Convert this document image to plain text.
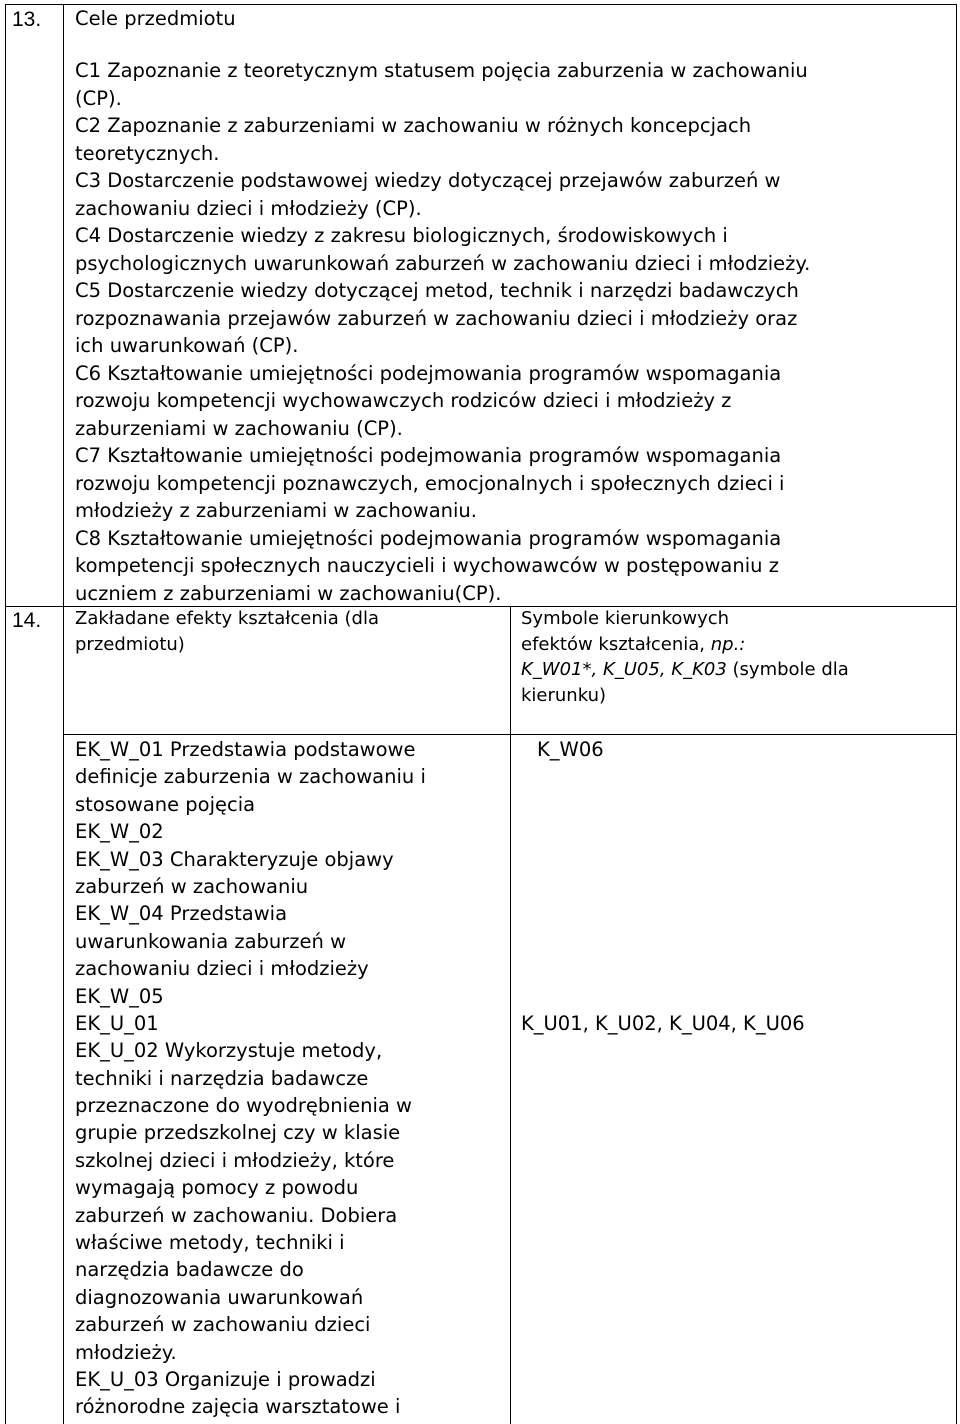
13. Cele przedmiotu
C1 Zapoznanie z teoretycznym statusem pojęcia zaburzenia w zachowaniu
(CP).
C2 Zapoznanie z zaburzeniami w zachowaniu w różnych koncepcjach
teoretycznych.
C3 Dostarczenie podstawowej wiedzy dotyczącej przejawów zaburzeń w
zachowaniu dzieci i młodzieży (CP).
C4 Dostarczenie wiedzy z zakresu biologicznych, środowiskowych i
psychologicznych uwarunkowań zaburzeń w zachowaniu dzieci i młodzieży.
C5 Dostarczenie wiedzy dotyczącej metod, technik i narzędzi badawczych
rozpoznawania przejawów zaburzeń w zachowaniu dzieci i młodzieży oraz
ich uwarunkowań (CP).
C6 Kształtowanie umiejętności podejmowania programów wspomagania
rozwoju kompetencji wychowawczych rodziców dzieci i młodzieży z
zaburzeniami w zachowaniu (CP).
C7 Kształtowanie umiejętności podejmowania programów wspomagania
rozwoju kompetencji poznawczych, emocjonalnych i społecznych dzieci i
młodzieży z zaburzeniami w zachowaniu.
C8 Kształtowanie umiejętności podejmowania programów wspomagania
kompetencji społecznych nauczycieli i wychowawców w postępowaniu z
uczniem z zaburzeniami w zachowaniu(CP).
14. Zakładane efekty kształcenia (dla
przedmiotu)
Symbole kierunkowych
efektów kształcenia, np.:
K_W01*, K_U05, K_K03 (symbole dla
kierunku)
EK_W_01 Przedstawia podstawowe
definicje zaburzenia w zachowaniu i
stosowane pojęcia
EK_W_02
EK_W_03 Charakteryzuje objawy
zaburzeń w zachowaniu
EK_W_04 Przedstawia
uwarunkowania zaburzeń w
zachowaniu dzieci i młodzieży
EK_W_05
EK_U_01
EK_U_02 Wykorzystuje metody,
techniki i narzędzia badawcze
przeznaczone do wyodrębnienia w
grupie przedszkolnej czy w klasie
szkolnej dzieci i młodzieży, które
wymagają pomocy z powodu
zaburzeń w zachowaniu. Dobiera
właściwe metody, techniki i
narzędzia badawcze do
diagnozowania uwarunkowań
zaburzeń w zachowaniu dzieci
młodzieży.
EK_U_03 Organizuje i prowadzi
różnorodne zajęcia warsztatowe i
K_W06
K_U01, K_U02, K_U04, K_U06
